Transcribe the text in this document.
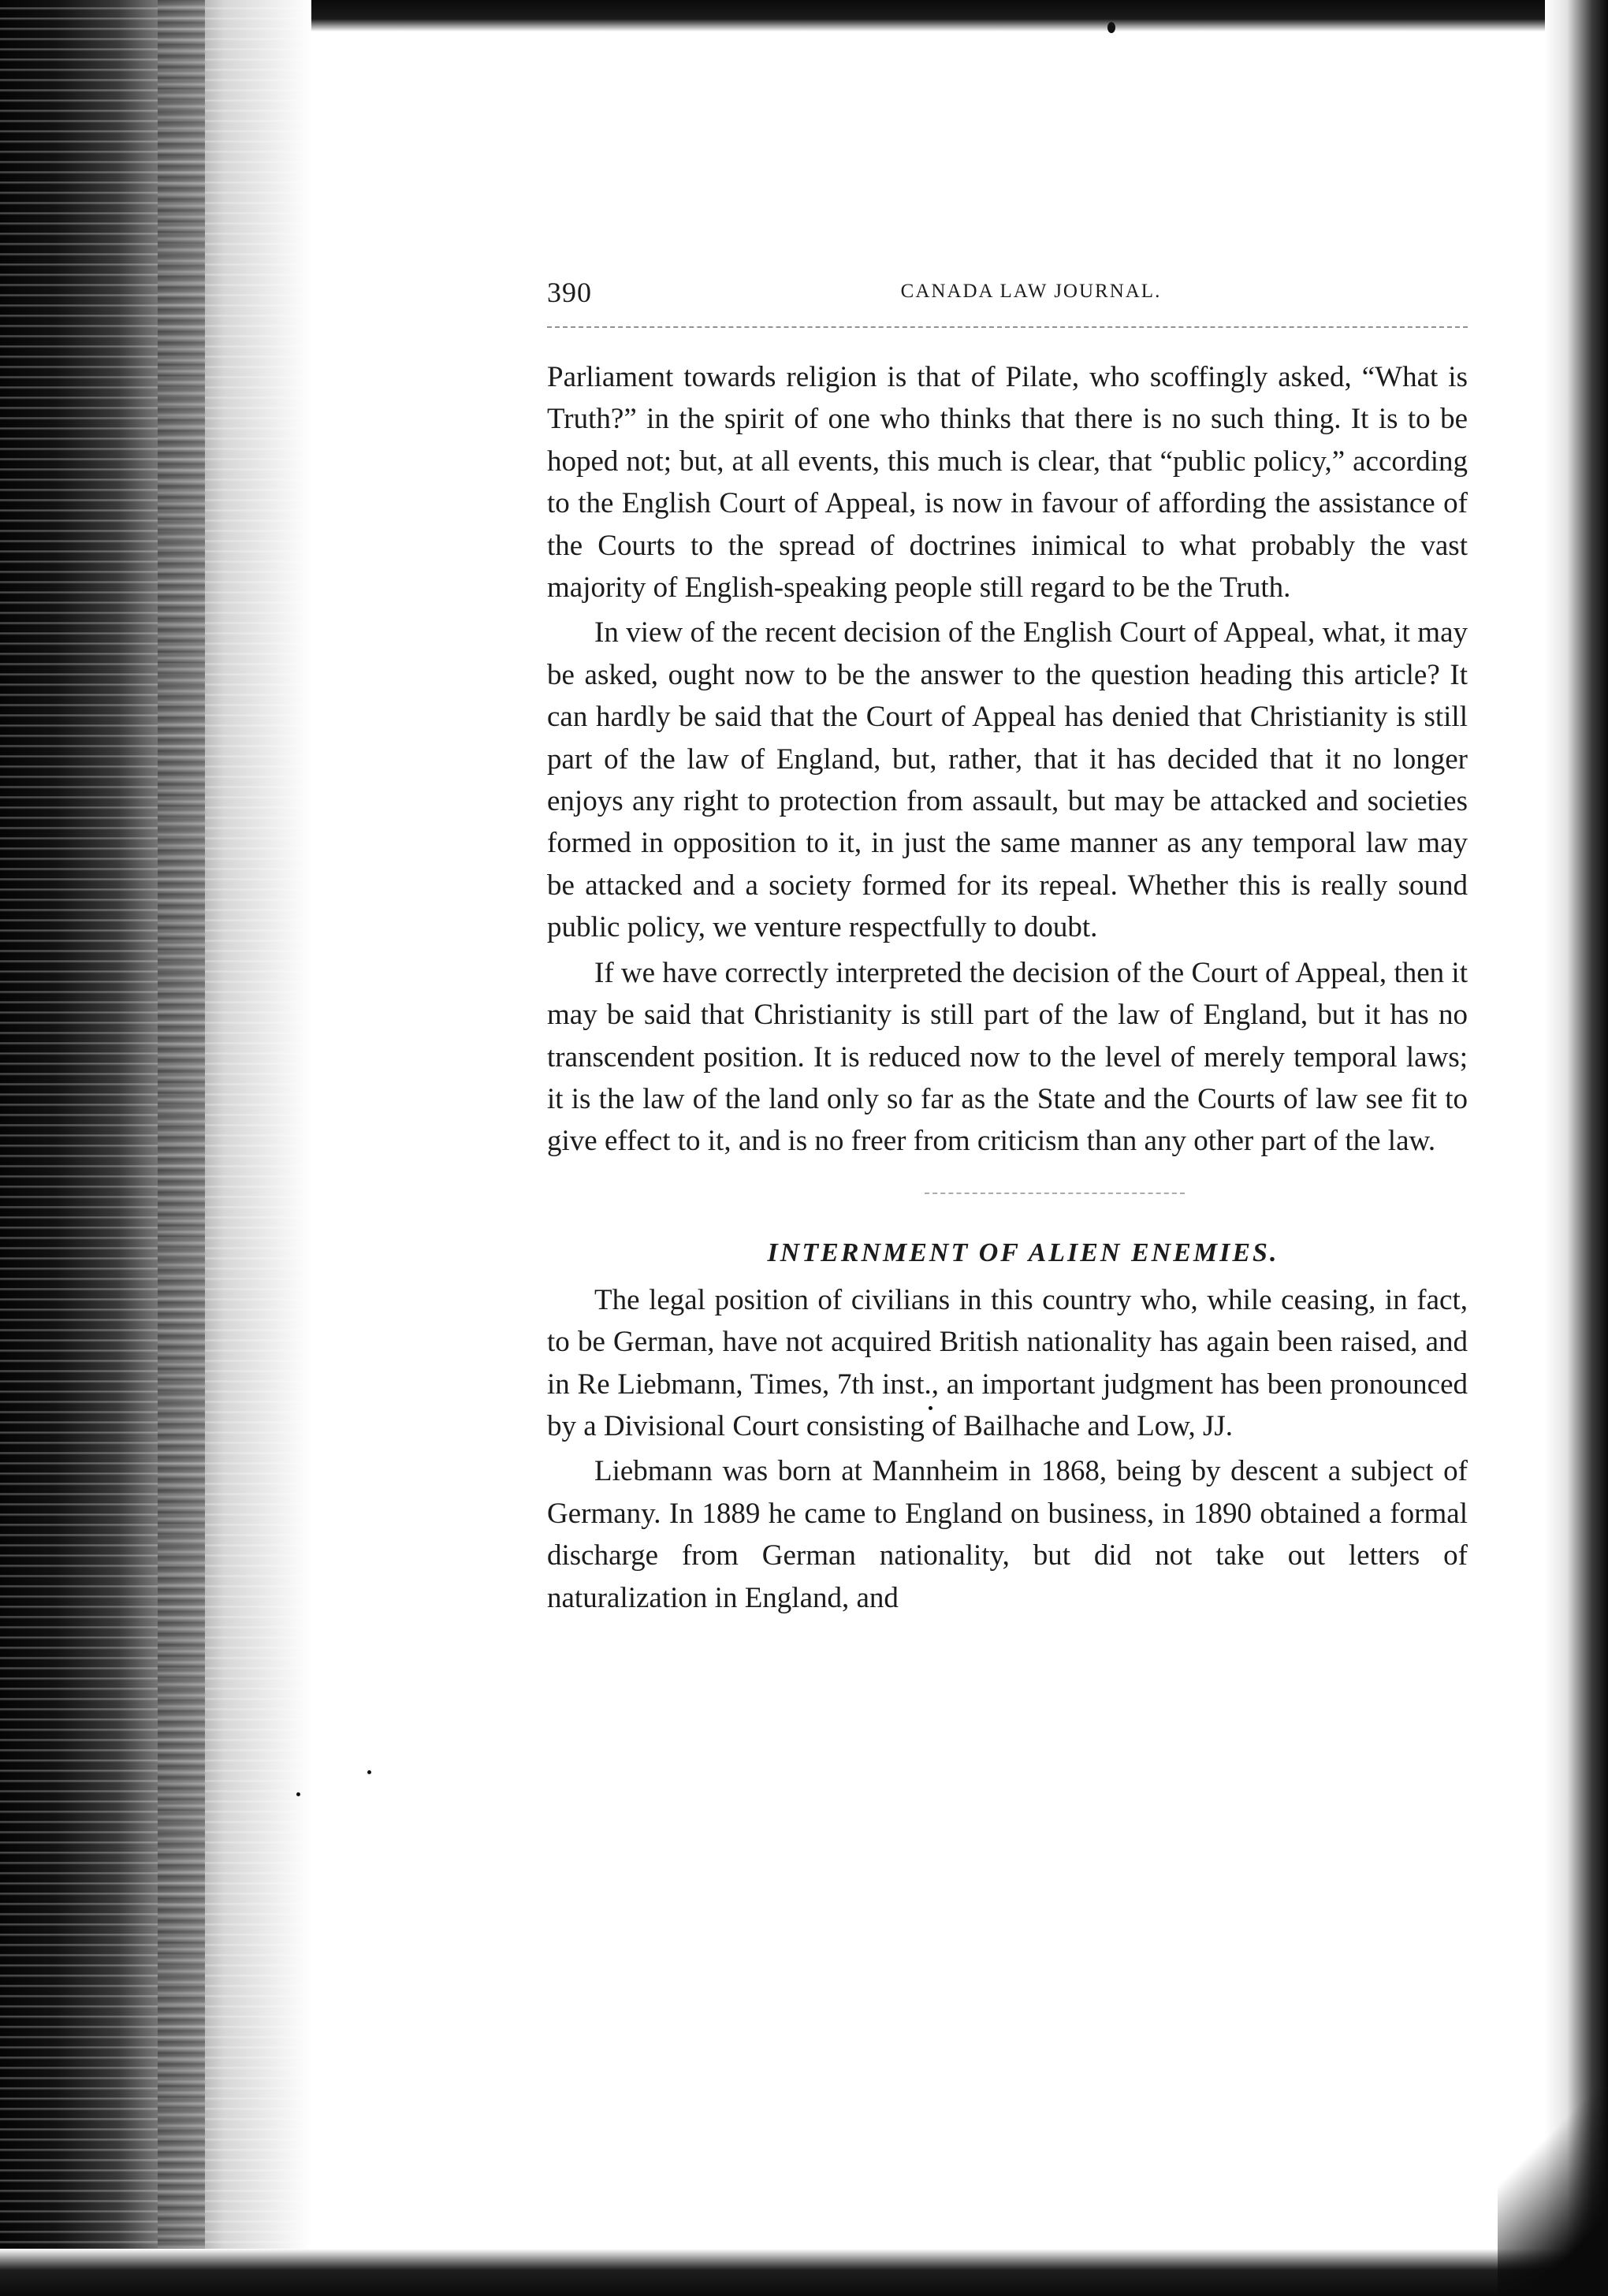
390	CANADA LAW JOURNAL.

Parliament towards religion is that of Pilate, who scoffingly asked, “What is Truth?” in the spirit of one who thinks that there is no such thing. It is to be hoped not; but, at all events, this much is clear, that “public policy,” according to the English Court of Appeal, is now in favour of affording the assistance of the Courts to the spread of doctrines inimical to what probably the vast majority of English-speaking people still regard to be the Truth.

In view of the recent decision of the English Court of Appeal, what, it may be asked, ought now to be the answer to the question heading this article? It can hardly be said that the Court of Appeal has denied that Christianity is still part of the law of England, but, rather, that it has decided that it no longer enjoys any right to protection from assault, but may be attacked and societies formed in opposition to it, in just the same manner as any temporal law may be attacked and a society formed for its repeal. Whether this is really sound public policy, we venture respectfully to doubt.

If we have correctly interpreted the decision of the Court of Appeal, then it may be said that Christianity is still part of the law of England, but it has no transcendent position. It is reduced now to the level of merely temporal laws; it is the law of the land only so far as the State and the Courts of law see fit to give effect to it, and is no freer from criticism than any other part of the law.

INTERNMENT OF ALIEN ENEMIES.

The legal position of civilians in this country who, while ceasing, in fact, to be German, have not acquired British nationality has again been raised, and in Re Liebmann, Times, 7th inst., an important judgment has been pronounced by a Divisional Court consisting of Bailhache and Low, JJ.

Liebmann was born at Mannheim in 1868, being by descent a subject of Germany. In 1889 he came to England on business, in 1890 obtained a formal discharge from German nationality, but did not take out letters of naturalization in England, and
